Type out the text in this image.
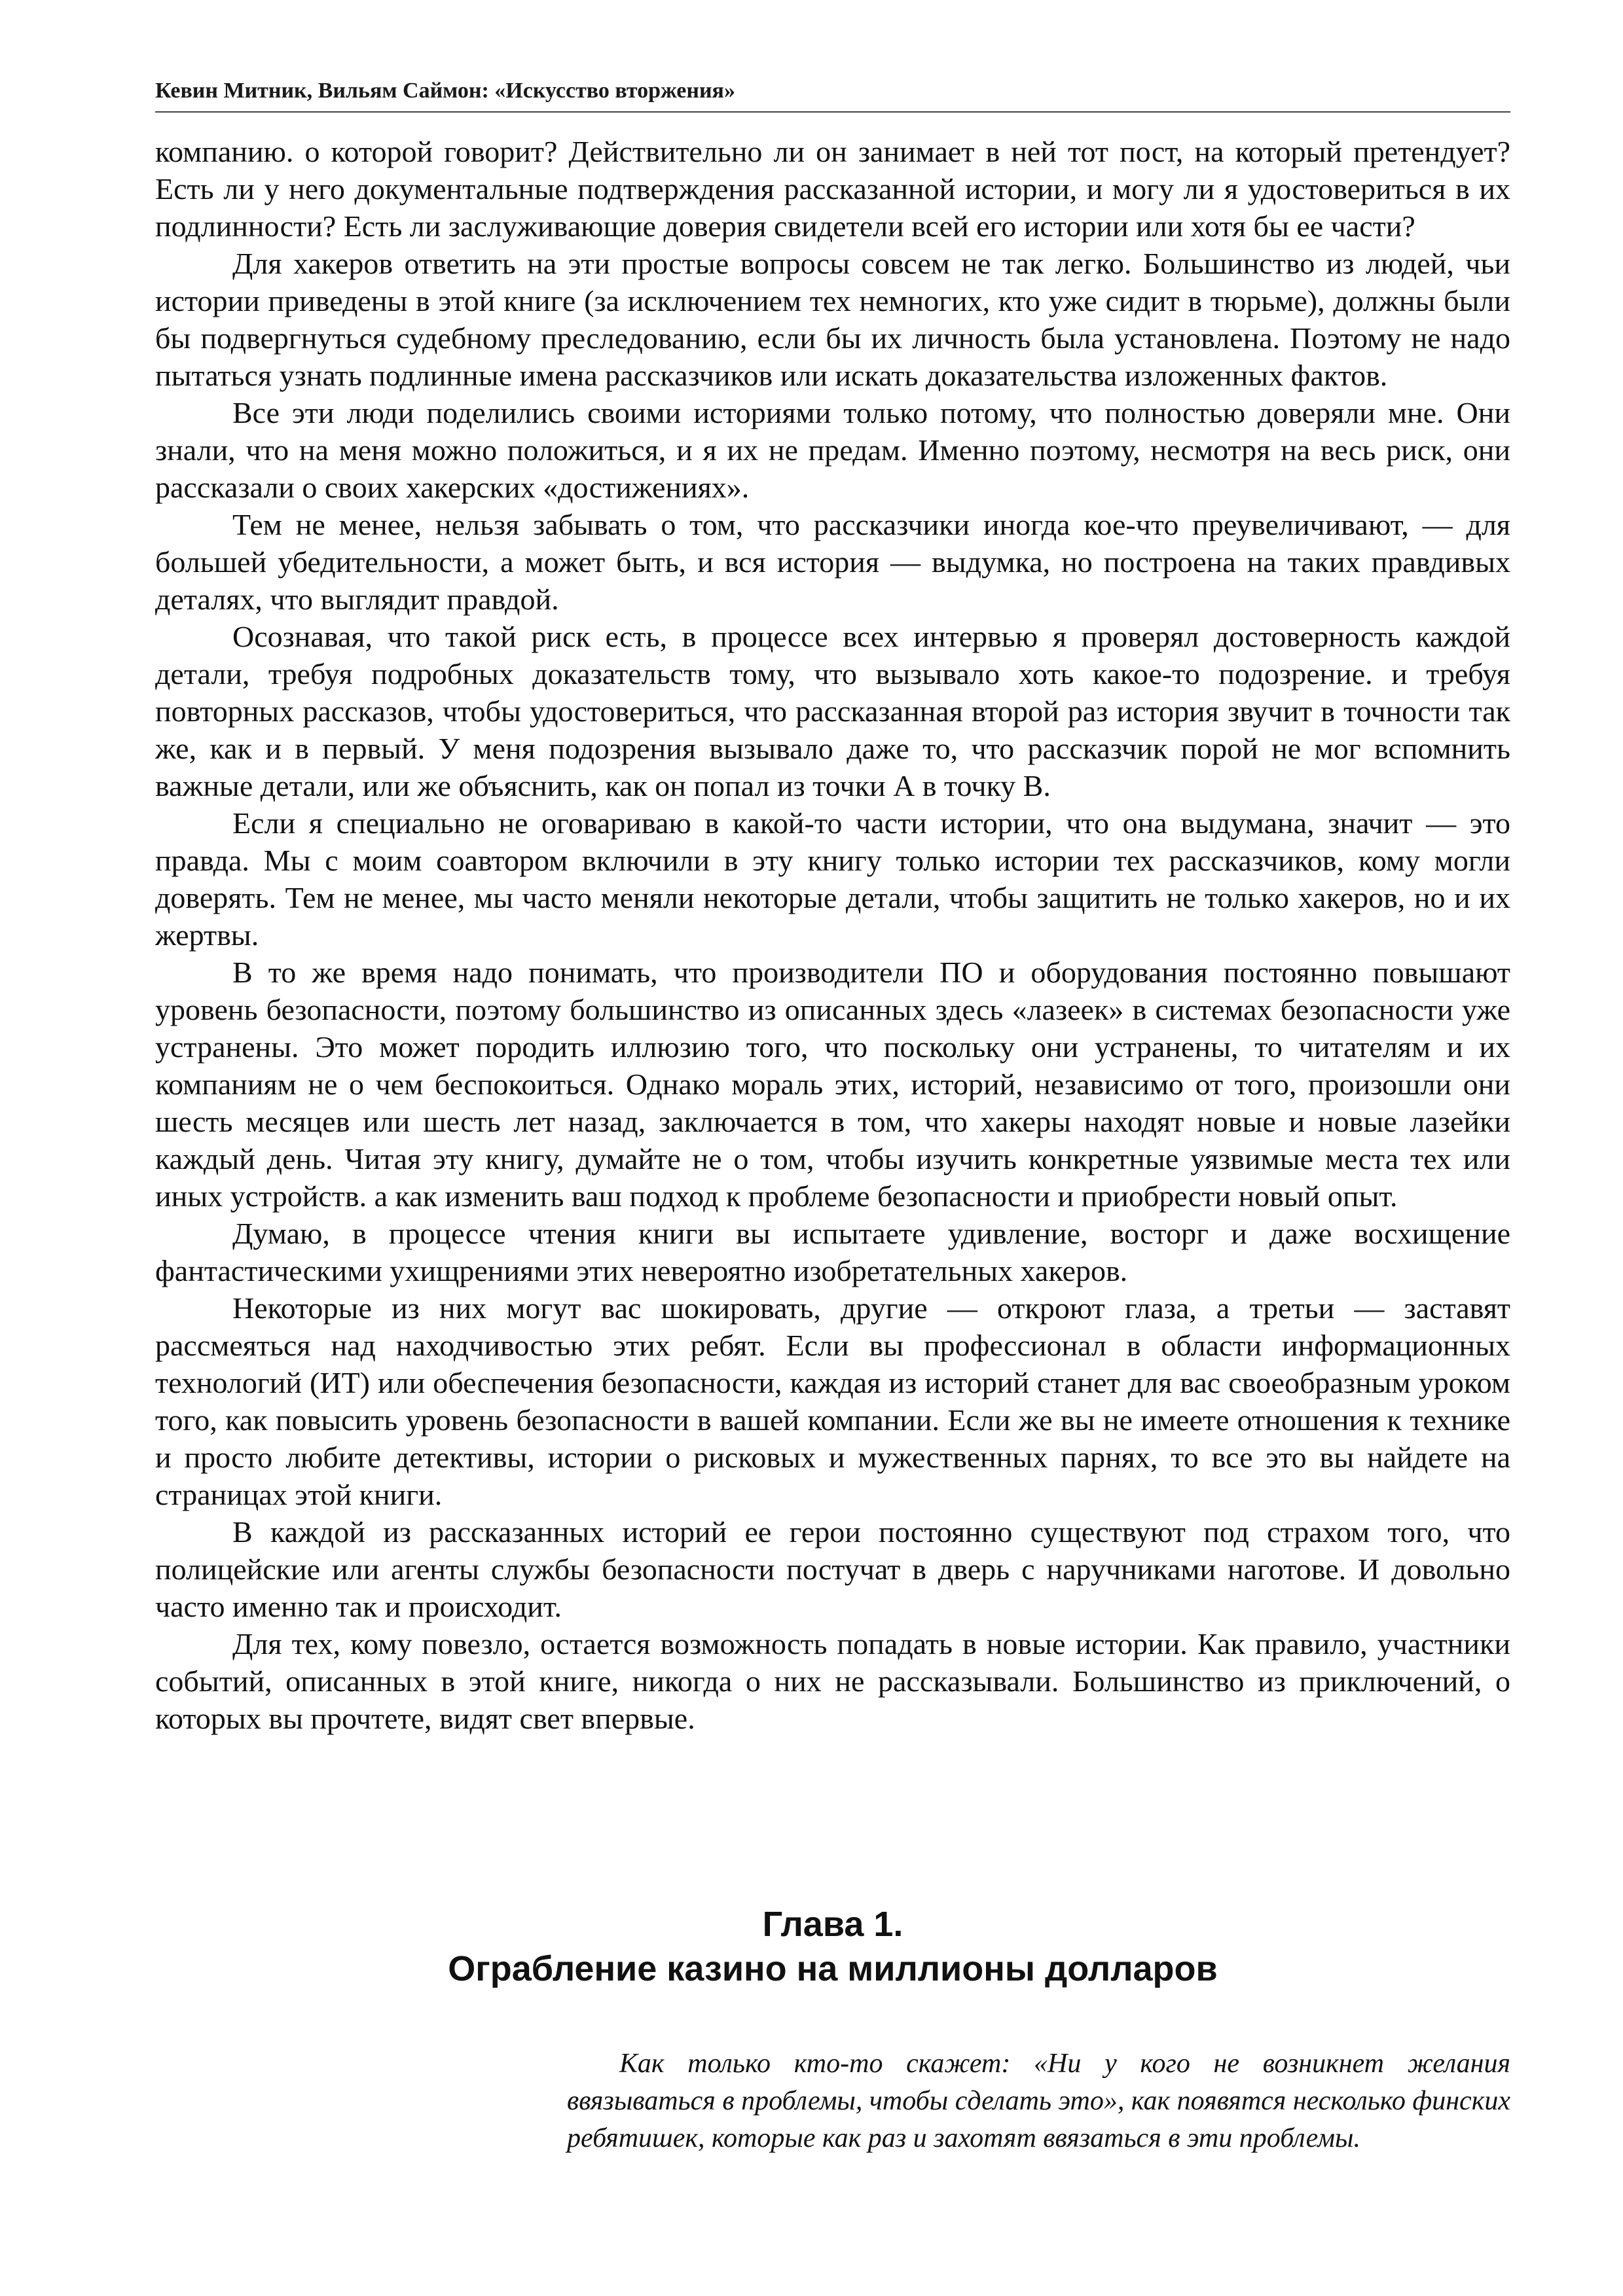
Кевин Митник, Вильям Саймон: «Искусство вторжения»

компанию. о которой говорит? Действительно ли он занимает в ней тот пост, на который претендует? Есть ли у него документальные подтверждения рассказанной истории, и могу ли я удостовериться в их подлинности? Есть ли заслуживающие доверия свидетели всей его истории или хотя бы ее части?

Для хакеров ответить на эти простые вопросы совсем не так легко. Большинство из людей, чьи истории приведены в этой книге (за исключением тех немногих, кто уже сидит в тюрьме), должны были бы подвергнуться судебному преследованию, если бы их личность была установлена. Поэтому не надо пытаться узнать подлинные имена рассказчиков или искать доказательства изложенных фактов.

Все эти люди поделились своими историями только потому, что полностью доверяли мне. Они знали, что на меня можно положиться, и я их не предам. Именно поэтому, несмотря на весь риск, они рассказали о своих хакерских «достижениях».

Тем не менее, нельзя забывать о том, что рассказчики иногда кое-что преувеличивают, — для большей убедительности, а может быть, и вся история — выдумка, но построена на таких правдивых деталях, что выглядит правдой.

Осознавая, что такой риск есть, в процессе всех интервью я проверял достоверность каждой детали, требуя подробных доказательств тому, что вызывало хоть какое-то подозрение. и требуя повторных рассказов, чтобы удостовериться, что рассказанная второй раз история звучит в точности так же, как и в первый. У меня подозрения вызывало даже то, что рассказчик порой не мог вспомнить важные детали, или же объяснить, как он попал из точки А в точку В.

Если я специально не оговариваю в какой-то части истории, что она выдумана, значит — это правда. Мы с моим соавтором включили в эту книгу только истории тех рассказчиков, кому могли доверять. Тем не менее, мы часто меняли некоторые детали, чтобы защитить не только хакеров, но и их жертвы.

В то же время надо понимать, что производители ПО и оборудования постоянно повышают уровень безопасности, поэтому большинство из описанных здесь «лазеек» в системах безопасности уже устранены. Это может породить иллюзию того, что поскольку они устранены, то читателям и их компаниям не о чем беспокоиться. Однако мораль этих, историй, независимо от того, произошли они шесть месяцев или шесть лет назад, заключается в том, что хакеры находят новые и новые лазейки каждый день. Читая эту книгу, думайте не о том, чтобы изучить конкретные уязвимые места тех или иных устройств. а как изменить ваш подход к проблеме безопасности и приобрести новый опыт.

Думаю, в процессе чтения книги вы испытаете удивление, восторг и даже восхищение фантастическими ухищрениями этих невероятно изобретательных хакеров.

Некоторые из них могут вас шокировать, другие — откроют глаза, а третьи — заставят рассмеяться над находчивостью этих ребят. Если вы профессионал в области информационных технологий (ИТ) или обеспечения безопасности, каждая из историй станет для вас своеобразным уроком того, как повысить уровень безопасности в вашей компании. Если же вы не имеете отношения к технике и просто любите детективы, истории о рисковых и мужественных парнях, то все это вы найдете на страницах этой книги.

В каждой из рассказанных историй ее герои постоянно существуют под страхом того, что полицейские или агенты службы безопасности постучат в дверь с наручниками наготове. И довольно часто именно так и происходит.

Для тех, кому повезло, остается возможность попадать в новые истории. Как правило, участники событий, описанных в этой книге, никогда о них не рассказывали. Большинство из приключений, о которых вы прочтете, видят свет впервые.

Глава 1.
Ограбление казино на миллионы долларов
Как только кто-то скажет: «Ни у кого не возникнет желания ввязываться в проблемы, чтобы сделать это», как появятся несколько финских ребятишек, которые как раз и захотят ввязаться в эти проблемы.
